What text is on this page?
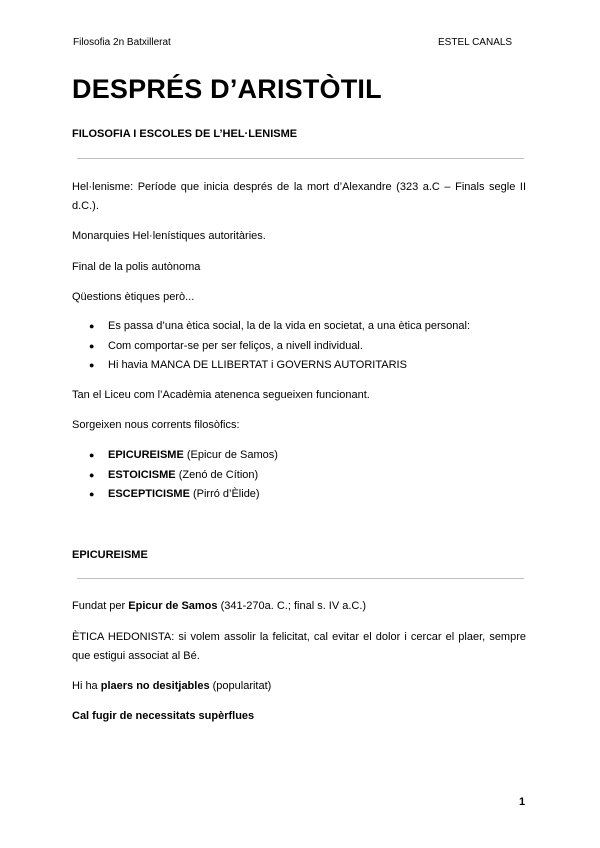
Filosofia 2n Batxillerat	ESTEL CANALS
DESPRÉS D’ARISTÒTIL
FILOSOFIA I ESCOLES DE L’HEL·LENISME

Hel·lenisme: Període que inicia després de la mort d’Alexandre (323 a.C – Finals segle II d.C.).

Monarquies Hel·lenístiques autoritàries.

Final de la polis autònoma

Qüestions ètiques però...

● Es passa d’una ètica social, la de la vida en societat, a una ètica personal:
● Com comportar-se per ser feliços, a nivell individual.
● Hi havia MANCA DE LLIBERTAT i GOVERNS AUTORITARIS

Tan el Liceu com l’Acadèmia atenenca segueixen funcionant.

Sorgeixen nous corrents filosòfics:

● EPICUREISME (Epicur de Samos)
● ESTOICISME (Zenó de Cítion)
● ESCEPTICISME (Pirró d’Èlide)
EPICUREISME

Fundat per Epicur de Samos (341-270a. C.; final s. IV a.C.)

ÈTICA HEDONISTA: si volem assolir la felicitat, cal evitar el dolor i cercar el plaer, sempre que estigui associat al Bé.

Hi ha plaers no desitjables (popularitat)

Cal fugir de necessitats supèrflues

1
